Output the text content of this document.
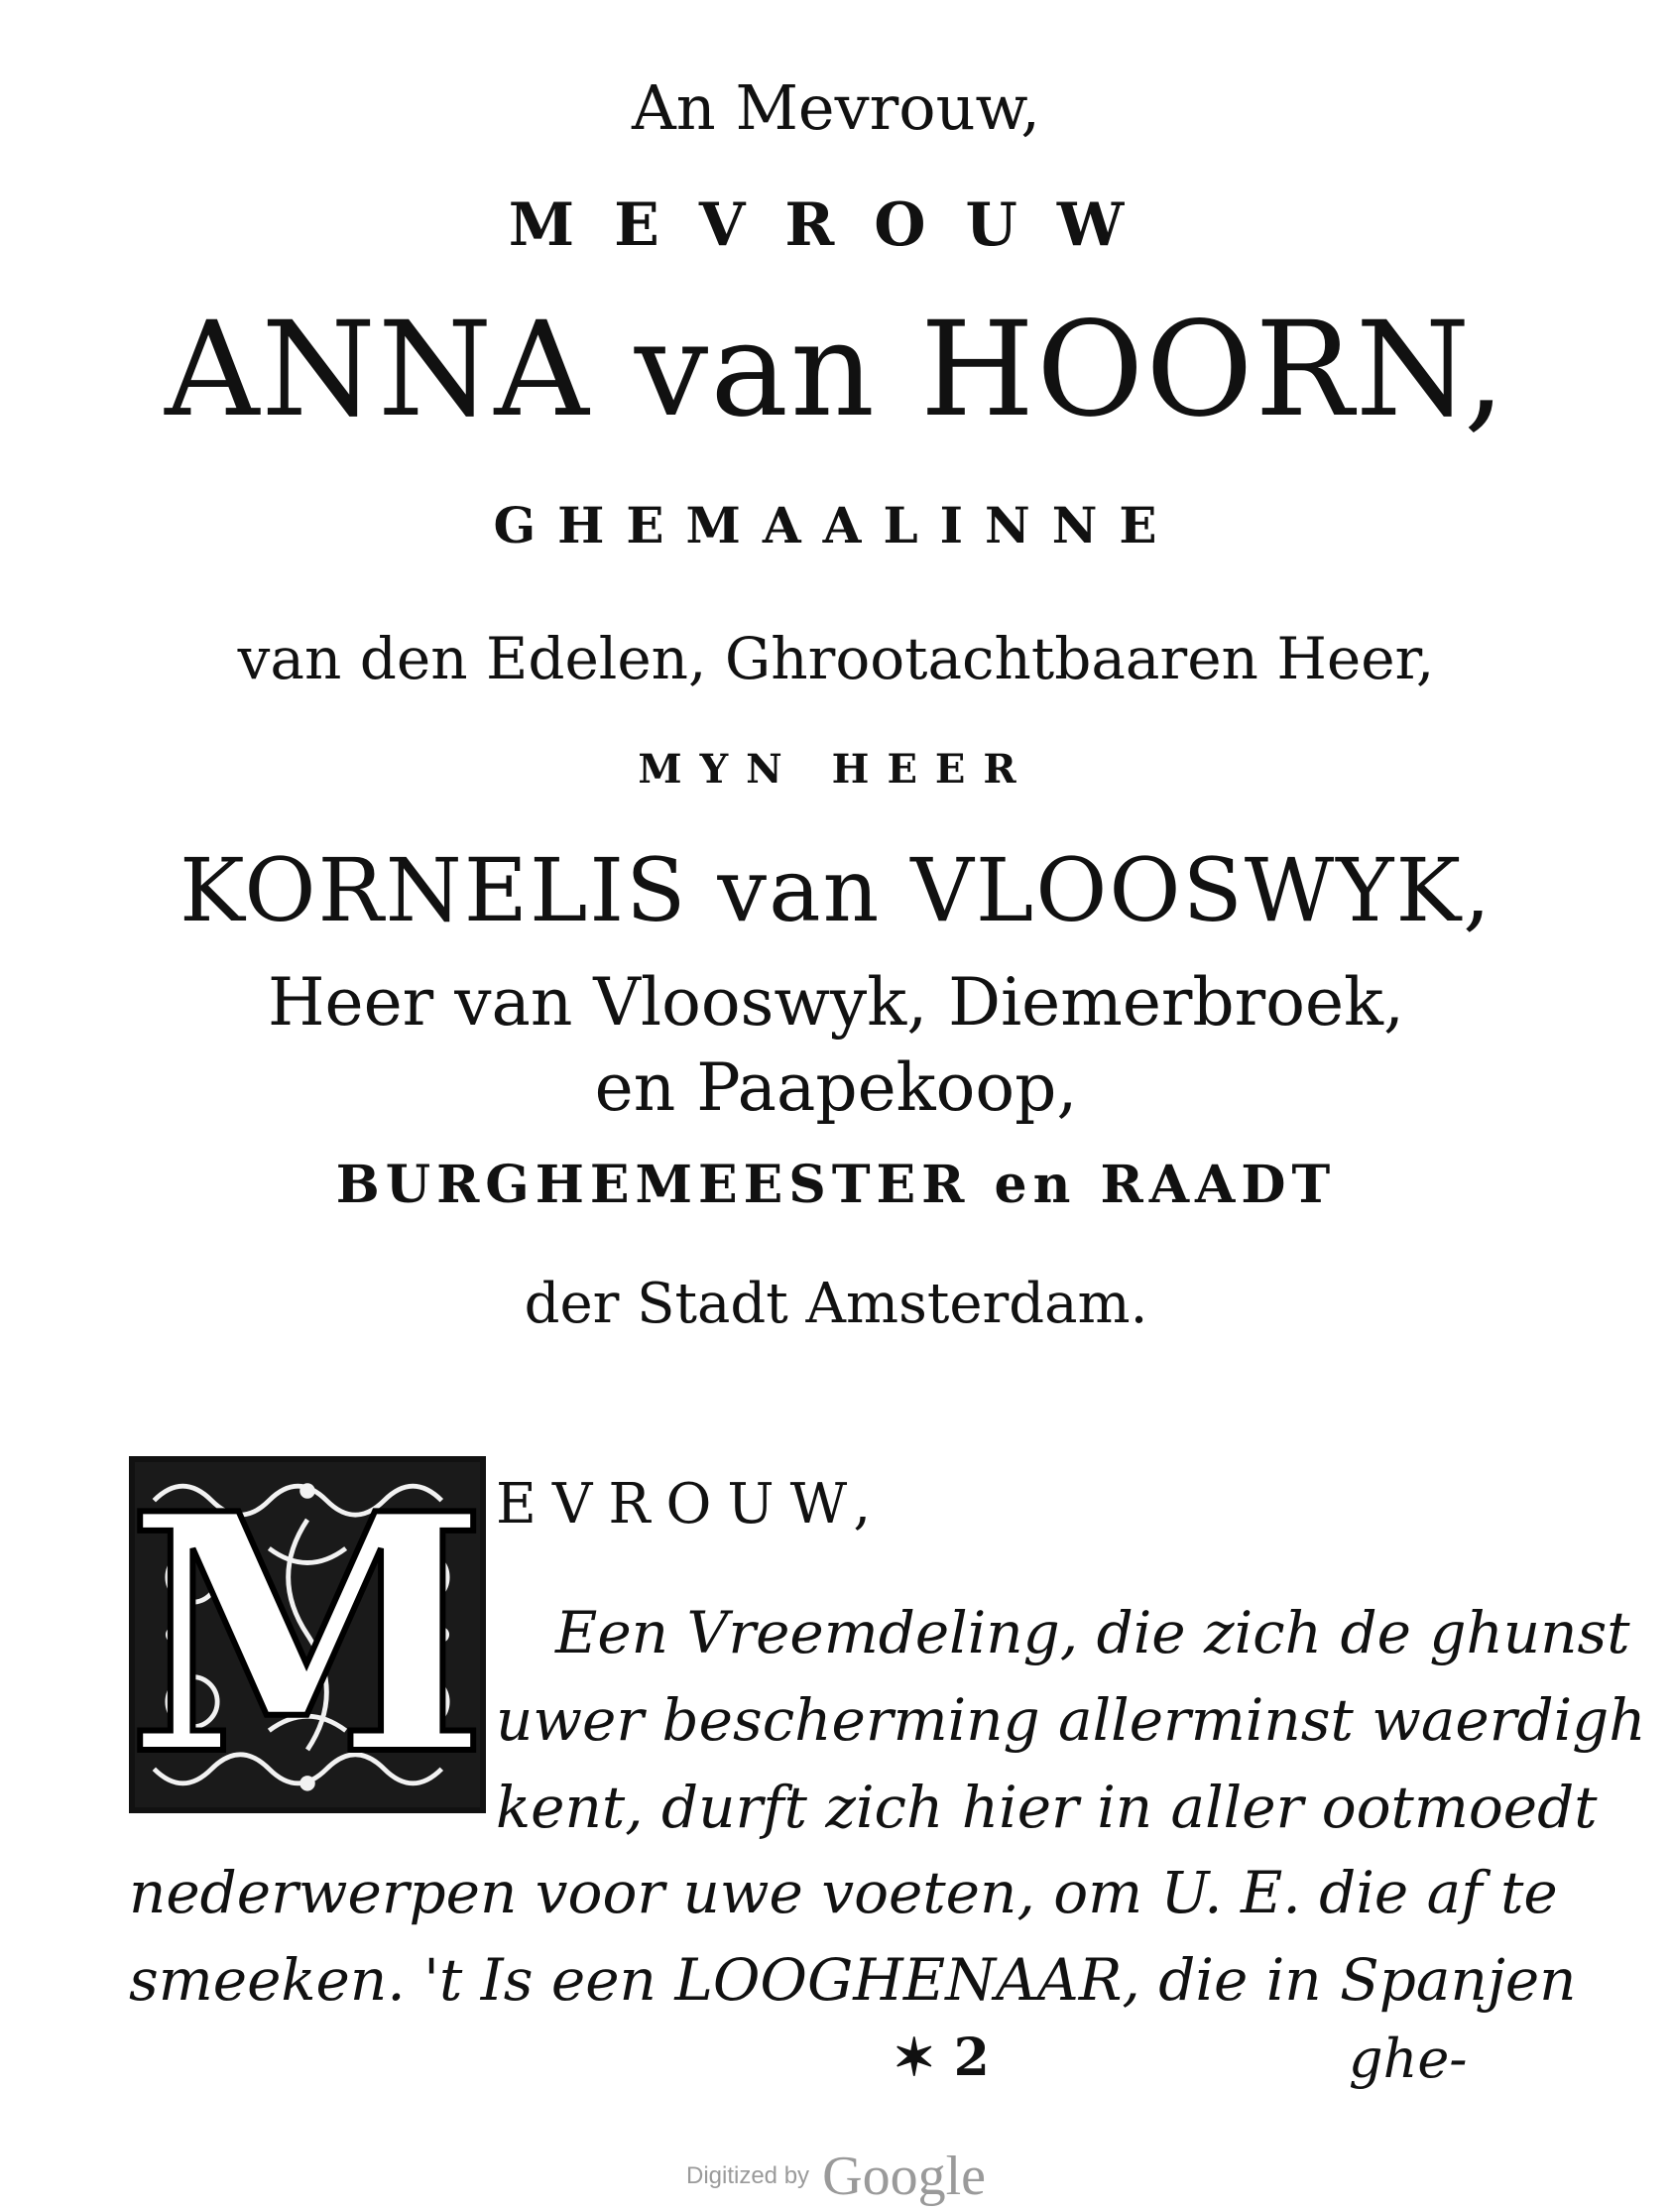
An Mevrouw,
MEVROUW
ANNA van HOORN,
GHEMAALINNE
van den Edelen, Ghrootachtbaaren Heer,
MYN HEER
KORNELIS van VLOOSWYK,
Heer van Vlooswyk, Diemerbroek,
en Paapekoop,
BURGHEMEESTER en RAADT
der Stadt Amsterdam.
M EVROUW,
Een Vreemdeling, die zich de ghunst
uwer bescherming allerminst waerdigh
kent, durft zich hier in aller ootmoedt
nederwerpen voor uwe voeten, om U. E. die af te
smeeken. 't Is een LOOGHENAAR, die in Spanjen
✶ 2	ghe-
Digitized by Google
